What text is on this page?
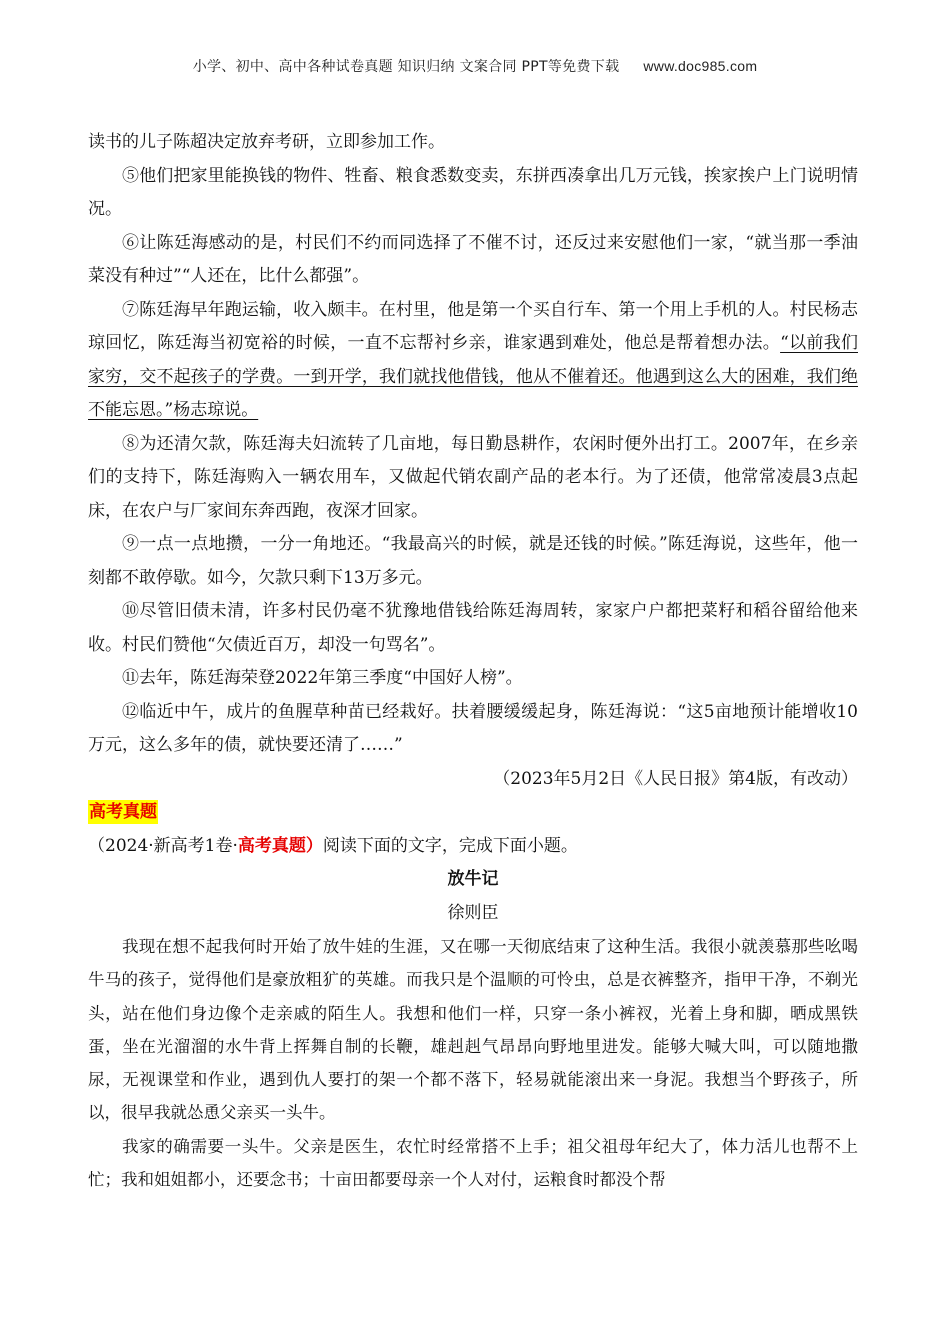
小学、初中、高中各种试卷真题 知识归纳 文案合同 PPT等免费下载 www.doc985.com

读书的儿子陈超决定放弃考研，立即参加工作。

⑤他们把家里能换钱的物件、牲畜、粮食悉数变卖，东拼西凑拿出几万元钱，挨家挨户上门说明情况。

⑥让陈廷海感动的是，村民们不约而同选择了不催不讨，还反过来安慰他们一家，“就当那一季油菜没有种过”“人还在，比什么都强”。

⑦陈廷海早年跑运输，收入颇丰。在村里，他是第一个买自行车、第一个用上手机的人。村民杨志琼回忆，陈廷海当初宽裕的时候，一直不忘帮衬乡亲，谁家遇到难处，他总是帮着想办法。“以前我们家穷，交不起孩子的学费。一到开学，我们就找他借钱，他从不催着还。他遇到这么大的困难，我们绝不能忘恩。”杨志琼说。

⑧为还清欠款，陈廷海夫妇流转了几亩地，每日勤恳耕作，农闲时便外出打工。2007年，在乡亲们的支持下，陈廷海购入一辆农用车，又做起代销农副产品的老本行。为了还债，他常常凌晨3点起床，在农户与厂家间东奔西跑，夜深才回家。

⑨一点一点地攒，一分一角地还。“我最高兴的时候，就是还钱的时候。”陈廷海说，这些年，他一刻都不敢停歇。如今，欠款只剩下13万多元。

⑩尽管旧债未清，许多村民仍毫不犹豫地借钱给陈廷海周转，家家户户都把菜籽和稻谷留给他来收。村民们赞他“欠债近百万，却没一句骂名”。

⑪去年，陈廷海荣登2022年第三季度“中国好人榜”。

⑫临近中午，成片的鱼腥草种苗已经栽好。扶着腰缓缓起身，陈廷海说：“这5亩地预计能增收10万元，这么多年的债，就快要还清了……”

（2023年5月2日《人民日报》第4版，有改动）

高考真题

（2024·新高考1卷·高考真题）阅读下面的文字，完成下面小题。

放牛记

徐则臣

我现在想不起我何时开始了放牛娃的生涯，又在哪一天彻底结束了这种生活。我很小就羡慕那些吆喝牛马的孩子，觉得他们是豪放粗犷的英雄。而我只是个温顺的可怜虫，总是衣裤整齐，指甲干净，不剃光头，站在他们身边像个走亲戚的陌生人。我想和他们一样，只穿一条小裤衩，光着上身和脚，晒成黑铁蛋，坐在光溜溜的水牛背上挥舞自制的长鞭，雄赳赳气昂昂向野地里进发。能够大喊大叫，可以随地撒尿，无视课堂和作业，遇到仇人要打的架一个都不落下，轻易就能滚出来一身泥。我想当个野孩子，所以，很早我就怂恿父亲买一头牛。

我家的确需要一头牛。父亲是医生，农忙时经常搭不上手；祖父祖母年纪大了，体力活儿也帮不上忙；我和姐姐都小，还要念书；十亩田都要母亲一个人对付，运粮食时都没个帮
